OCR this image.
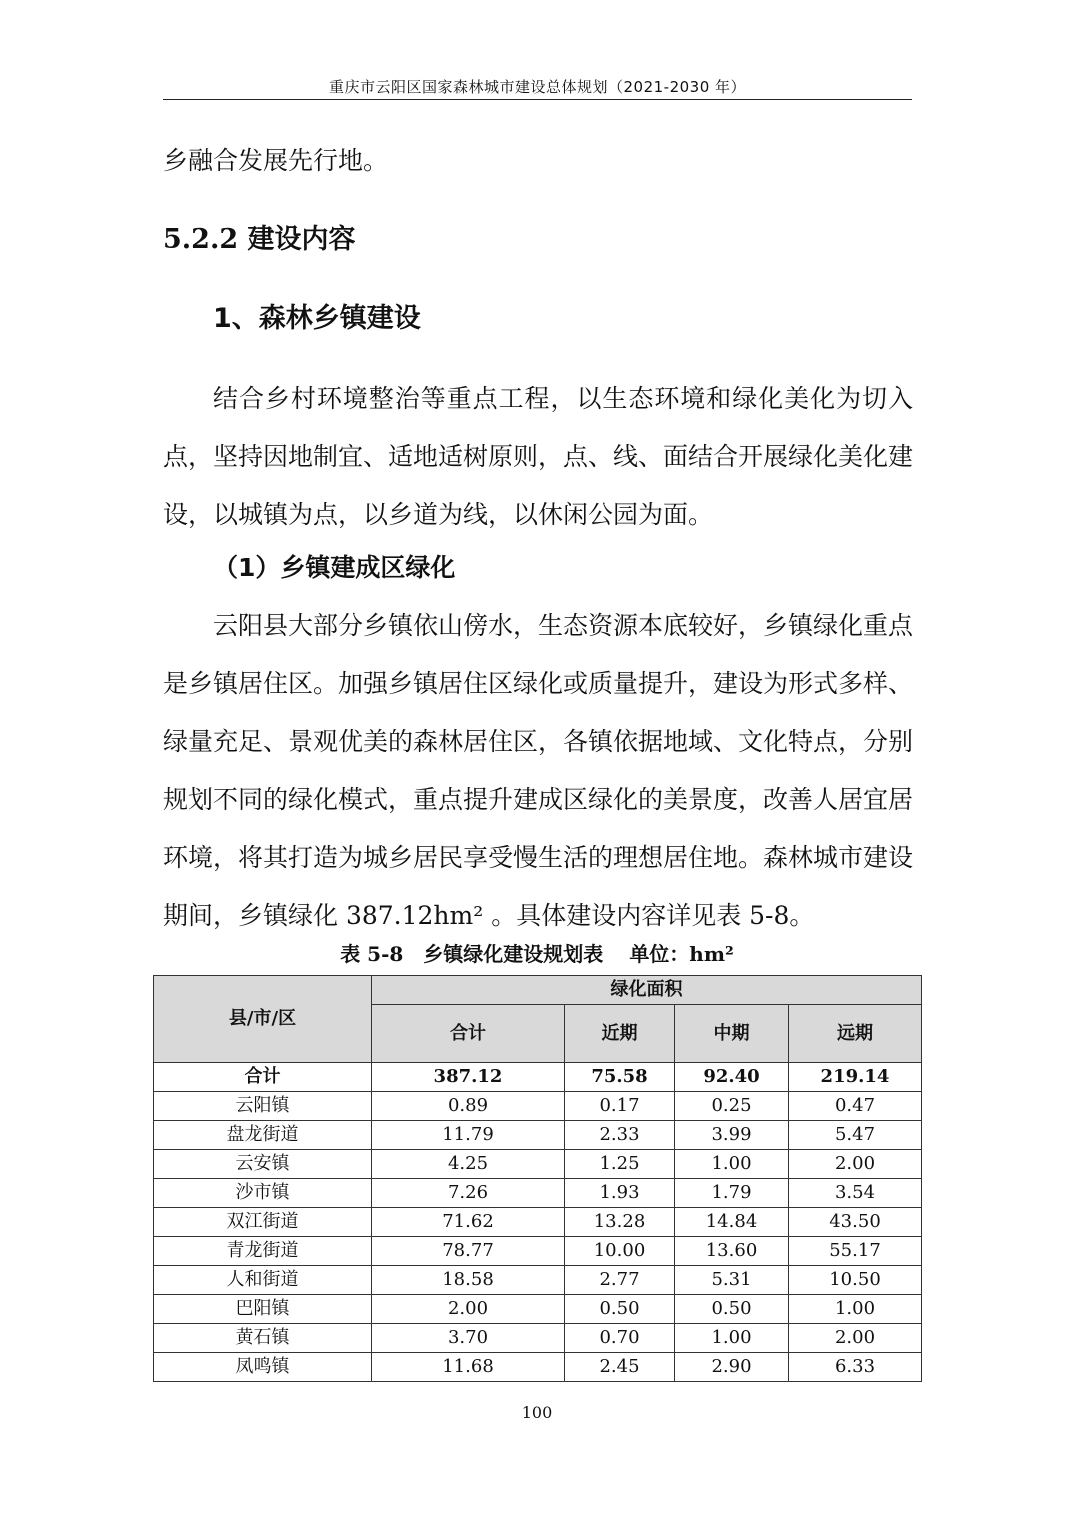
重庆市云阳区国家森林城市建设总体规划（2021-2030 年）

乡融合发展先行地。

5.2.2 建设内容
1、森林乡镇建设

结合乡村环境整治等重点工程，以生态环境和绿化美化为切入点，坚持因地制宜、适地适树原则，点、线、面结合开展绿化美化建设，以城镇为点，以乡道为线，以休闲公园为面。

（1）乡镇建成区绿化

云阳县大部分乡镇依山傍水，生态资源本底较好，乡镇绿化重点是乡镇居住区。加强乡镇居住区绿化或质量提升，建设为形式多样、绿量充足、景观优美的森林居住区，各镇依据地域、文化特点，分别规划不同的绿化模式，重点提升建成区绿化的美景度，改善人居宜居环境，将其打造为城乡居民享受慢生活的理想居住地。森林城市建设期间，乡镇绿化 387.12hm² 。具体建设内容详见表 5-8。

表 5-8　乡镇绿化建设规划表 单位：hm²
县/市/区	绿化面积			
	合计	近期	中期	远期
合计	387.12	75.58	92.40	219.14
云阳镇	0.89	0.17	0.25	0.47
盘龙街道	11.79	2.33	3.99	5.47
云安镇	4.25	1.25	1.00	2.00
沙市镇	7.26	1.93	1.79	3.54
双江街道	71.62	13.28	14.84	43.50
青龙街道	78.77	10.00	13.60	55.17
人和街道	18.58	2.77	5.31	10.50
巴阳镇	2.00	0.50	0.50	1.00
黄石镇	3.70	0.70	1.00	2.00
凤鸣镇	11.68	2.45	2.90	6.33
100
